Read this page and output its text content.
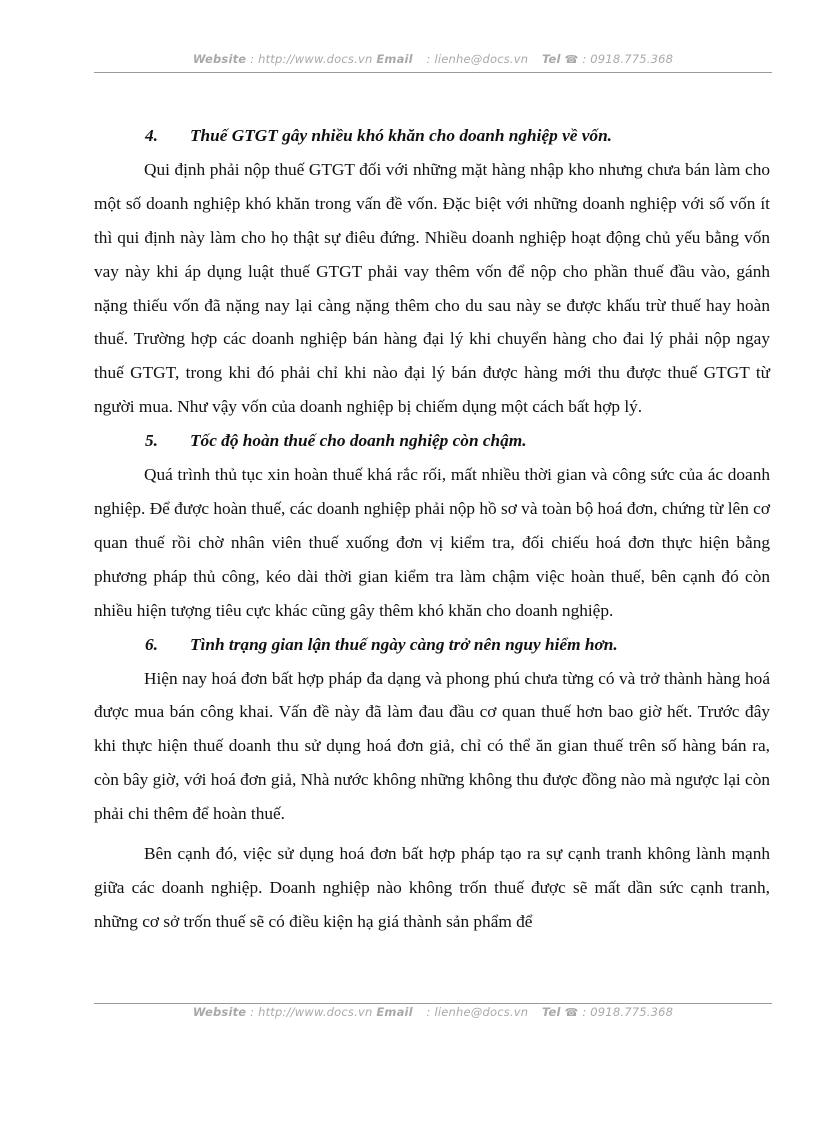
Website : http://www.docs.vn Email : lienhe@docs.vn Tel ☎ : 0918.775.368
4. Thuế GTGT gây nhiều khó khăn cho doanh nghiệp về vốn.

Qui định phải nộp thuế GTGT đối với những mặt hàng nhập kho nhưng chưa bán làm cho một số doanh nghiệp khó khăn trong vấn đề vốn. Đặc biệt với những doanh nghiệp với số vốn ít thì qui định này làm cho họ thật sự điêu đứng. Nhiều doanh nghiệp hoạt động chủ yếu bằng vốn vay này khi áp dụng luật thuế GTGT phải vay thêm vốn để nộp cho phần thuế đầu vào, gánh nặng thiếu vốn đã nặng nay lại càng nặng thêm cho du sau này se được khấu trừ thuế hay hoàn thuế. Trường hợp các doanh nghiệp bán hàng đại lý khi chuyển hàng cho đai lý phải nộp ngay thuế GTGT, trong khi đó phải chỉ khi nào đại lý bán được hàng mới thu được thuế GTGT từ người mua. Như vậy vốn của doanh nghiệp bị chiếm dụng một cách bất hợp lý.

5. Tốc độ hoàn thuế cho doanh nghiệp còn chậm.

Quá trình thủ tục xin hoàn thuế khá rắc rối, mất nhiều thời gian và công sức của ác doanh nghiệp. Để được hoàn thuế, các doanh nghiệp phải nộp hồ sơ và toàn bộ hoá đơn, chứng từ lên cơ quan thuế rồi chờ nhân viên thuế xuống đơn vị kiểm tra, đối chiếu hoá đơn thực hiện bằng phương pháp thủ công, kéo dài thời gian kiểm tra làm chậm việc hoàn thuế, bên cạnh đó còn nhiều hiện tượng tiêu cực khác cũng gây thêm khó khăn cho doanh nghiệp.

6. Tình trạng gian lận thuế ngày càng trở nên nguy hiểm hơn.

Hiện nay hoá đơn bất hợp pháp đa dạng và phong phú chưa từng có và trở thành hàng hoá được mua bán công khai. Vấn đề này đã làm đau đầu cơ quan thuế hơn bao giờ hết. Trước đây khi thực hiện thuế doanh thu sử dụng hoá đơn giả, chỉ có thể ăn gian thuế trên số hàng bán ra, còn bây giờ, với hoá đơn giả, Nhà nước không những không thu được đồng nào mà ngược lại còn phải chi thêm để hoàn thuế.

Bên cạnh đó, việc sử dụng hoá đơn bất hợp pháp tạo ra sự cạnh tranh không lành mạnh giữa các doanh nghiệp. Doanh nghiệp nào không trốn thuế được sẽ mất dần sức cạnh tranh, những cơ sở trốn thuế sẽ có điều kiện hạ giá thành sản phẩm để

Website : http://www.docs.vn Email : lienhe@docs.vn Tel ☎ : 0918.775.368
